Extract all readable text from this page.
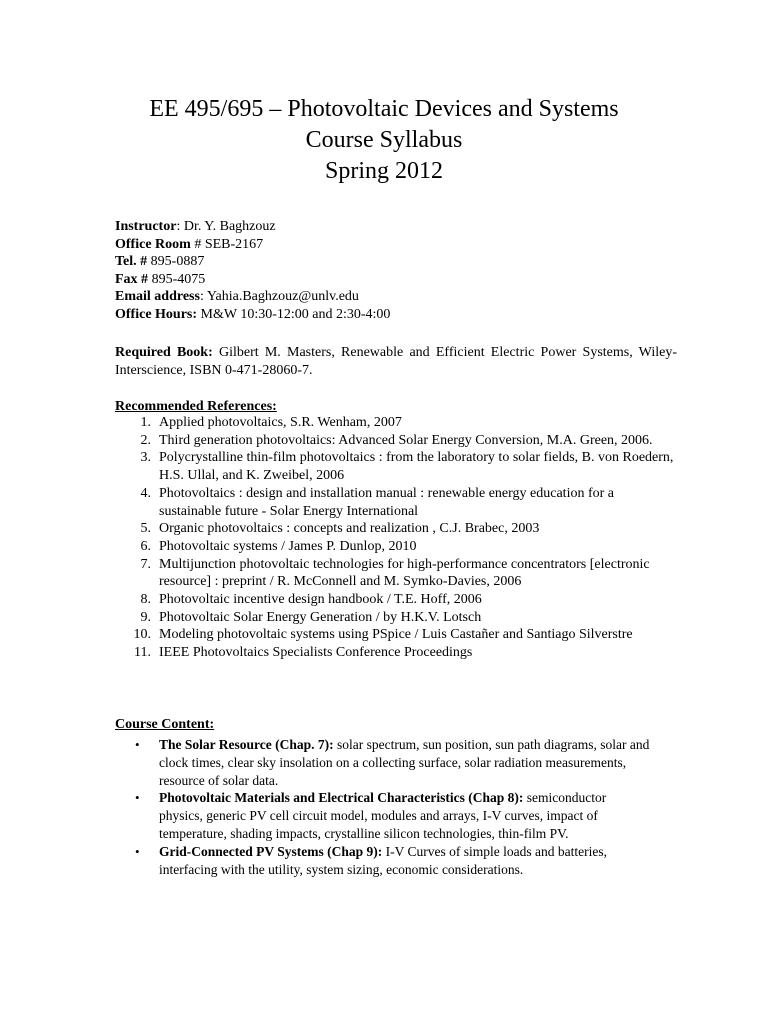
EE 495/695 – Photovoltaic Devices and Systems
Course Syllabus
Spring 2012
Instructor: Dr. Y. Baghzouz
Office Room # SEB-2167
Tel. # 895-0887
Fax # 895-4075
Email address: Yahia.Baghzouz@unlv.edu
Office Hours: M&W 10:30-12:00 and 2:30-4:00
Required Book: Gilbert M. Masters, Renewable and Efficient Electric Power Systems, Wiley-Interscience, ISBN 0-471-28060-7.
Recommended References:
1. Applied photovoltaics, S.R. Wenham, 2007
2. Third generation photovoltaics: Advanced Solar Energy Conversion, M.A. Green, 2006.
3. Polycrystalline thin-film photovoltaics : from the laboratory to solar fields, B. von Roedern, H.S. Ullal, and K. Zweibel, 2006
4. Photovoltaics : design and installation manual : renewable energy education for a sustainable future - Solar Energy International
5. Organic photovoltaics : concepts and realization , C.J. Brabec, 2003
6. Photovoltaic systems / James P. Dunlop, 2010
7. Multijunction photovoltaic technologies for high-performance concentrators [electronic resource] : preprint / R. McConnell and M. Symko-Davies, 2006
8. Photovoltaic incentive design handbook / T.E. Hoff, 2006
9. Photovoltaic Solar Energy Generation / by H.K.V. Lotsch
10. Modeling photovoltaic systems using PSpice / Luis Castañer and Santiago Silverstre
11. IEEE Photovoltaics Specialists Conference Proceedings
Course Content:
• The Solar Resource (Chap. 7): solar spectrum, sun position, sun path diagrams, solar and clock times, clear sky insolation on a collecting surface, solar radiation measurements, resource of solar data.
• Photovoltaic Materials and Electrical Characteristics (Chap 8): semiconductor physics, generic PV cell circuit model, modules and arrays, I-V curves, impact of temperature, shading impacts, crystalline silicon technologies, thin-film PV.
• Grid-Connected PV Systems (Chap 9): I-V Curves of simple loads and batteries, interfacing with the utility, system sizing, economic considerations.
